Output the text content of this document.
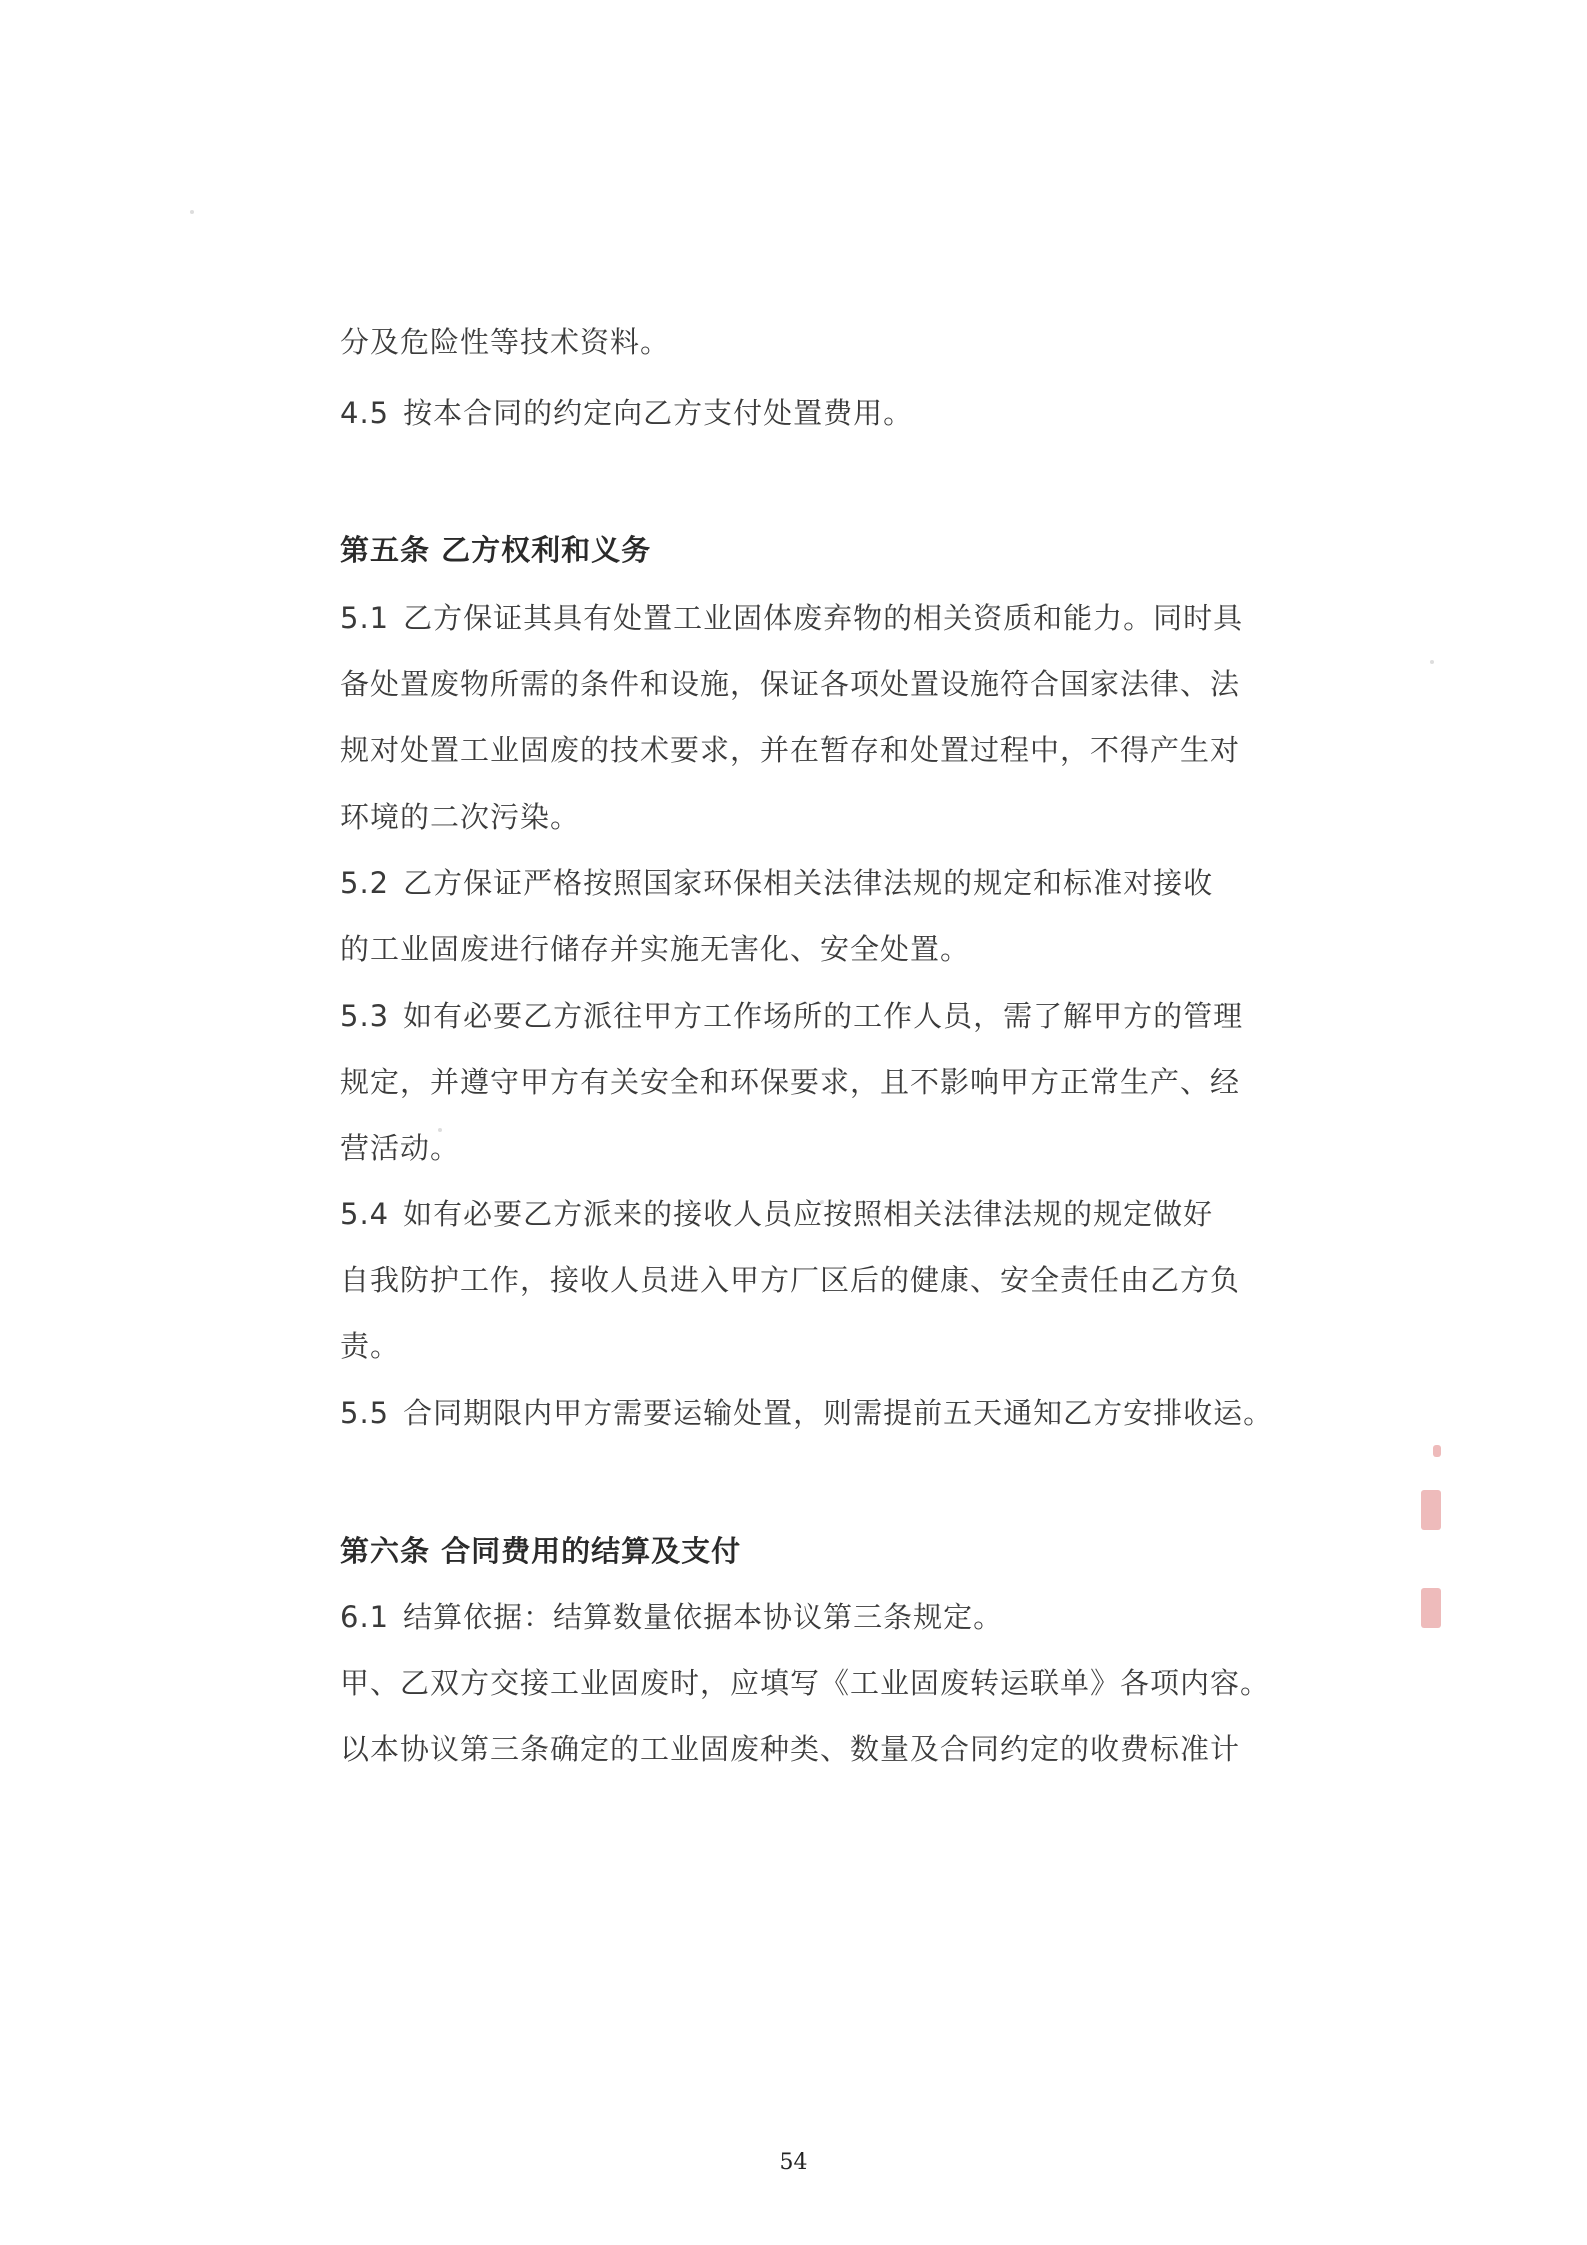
分及危险性等技术资料。
4.5 按本合同的约定向乙方支付处置费用。
第五条 乙方权利和义务
5.1 乙方保证其具有处置工业固体废弃物的相关资质和能力。同时具
备处置废物所需的条件和设施，保证各项处置设施符合国家法律、法
规对处置工业固废的技术要求，并在暂存和处置过程中，不得产生对
环境的二次污染。
5.2 乙方保证严格按照国家环保相关法律法规的规定和标准对接收
的工业固废进行储存并实施无害化、安全处置。
5.3 如有必要乙方派往甲方工作场所的工作人员，需了解甲方的管理
规定，并遵守甲方有关安全和环保要求，且不影响甲方正常生产、经
营活动。
5.4 如有必要乙方派来的接收人员应按照相关法律法规的规定做好
自我防护工作，接收人员进入甲方厂区后的健康、安全责任由乙方负
责。
5.5 合同期限内甲方需要运输处置，则需提前五天通知乙方安排收运。
第六条 合同费用的结算及支付
6.1 结算依据：结算数量依据本协议第三条规定。
甲、乙双方交接工业固废时，应填写《工业固废转运联单》各项内容。
以本协议第三条确定的工业固废种类、数量及合同约定的收费标准计
54
